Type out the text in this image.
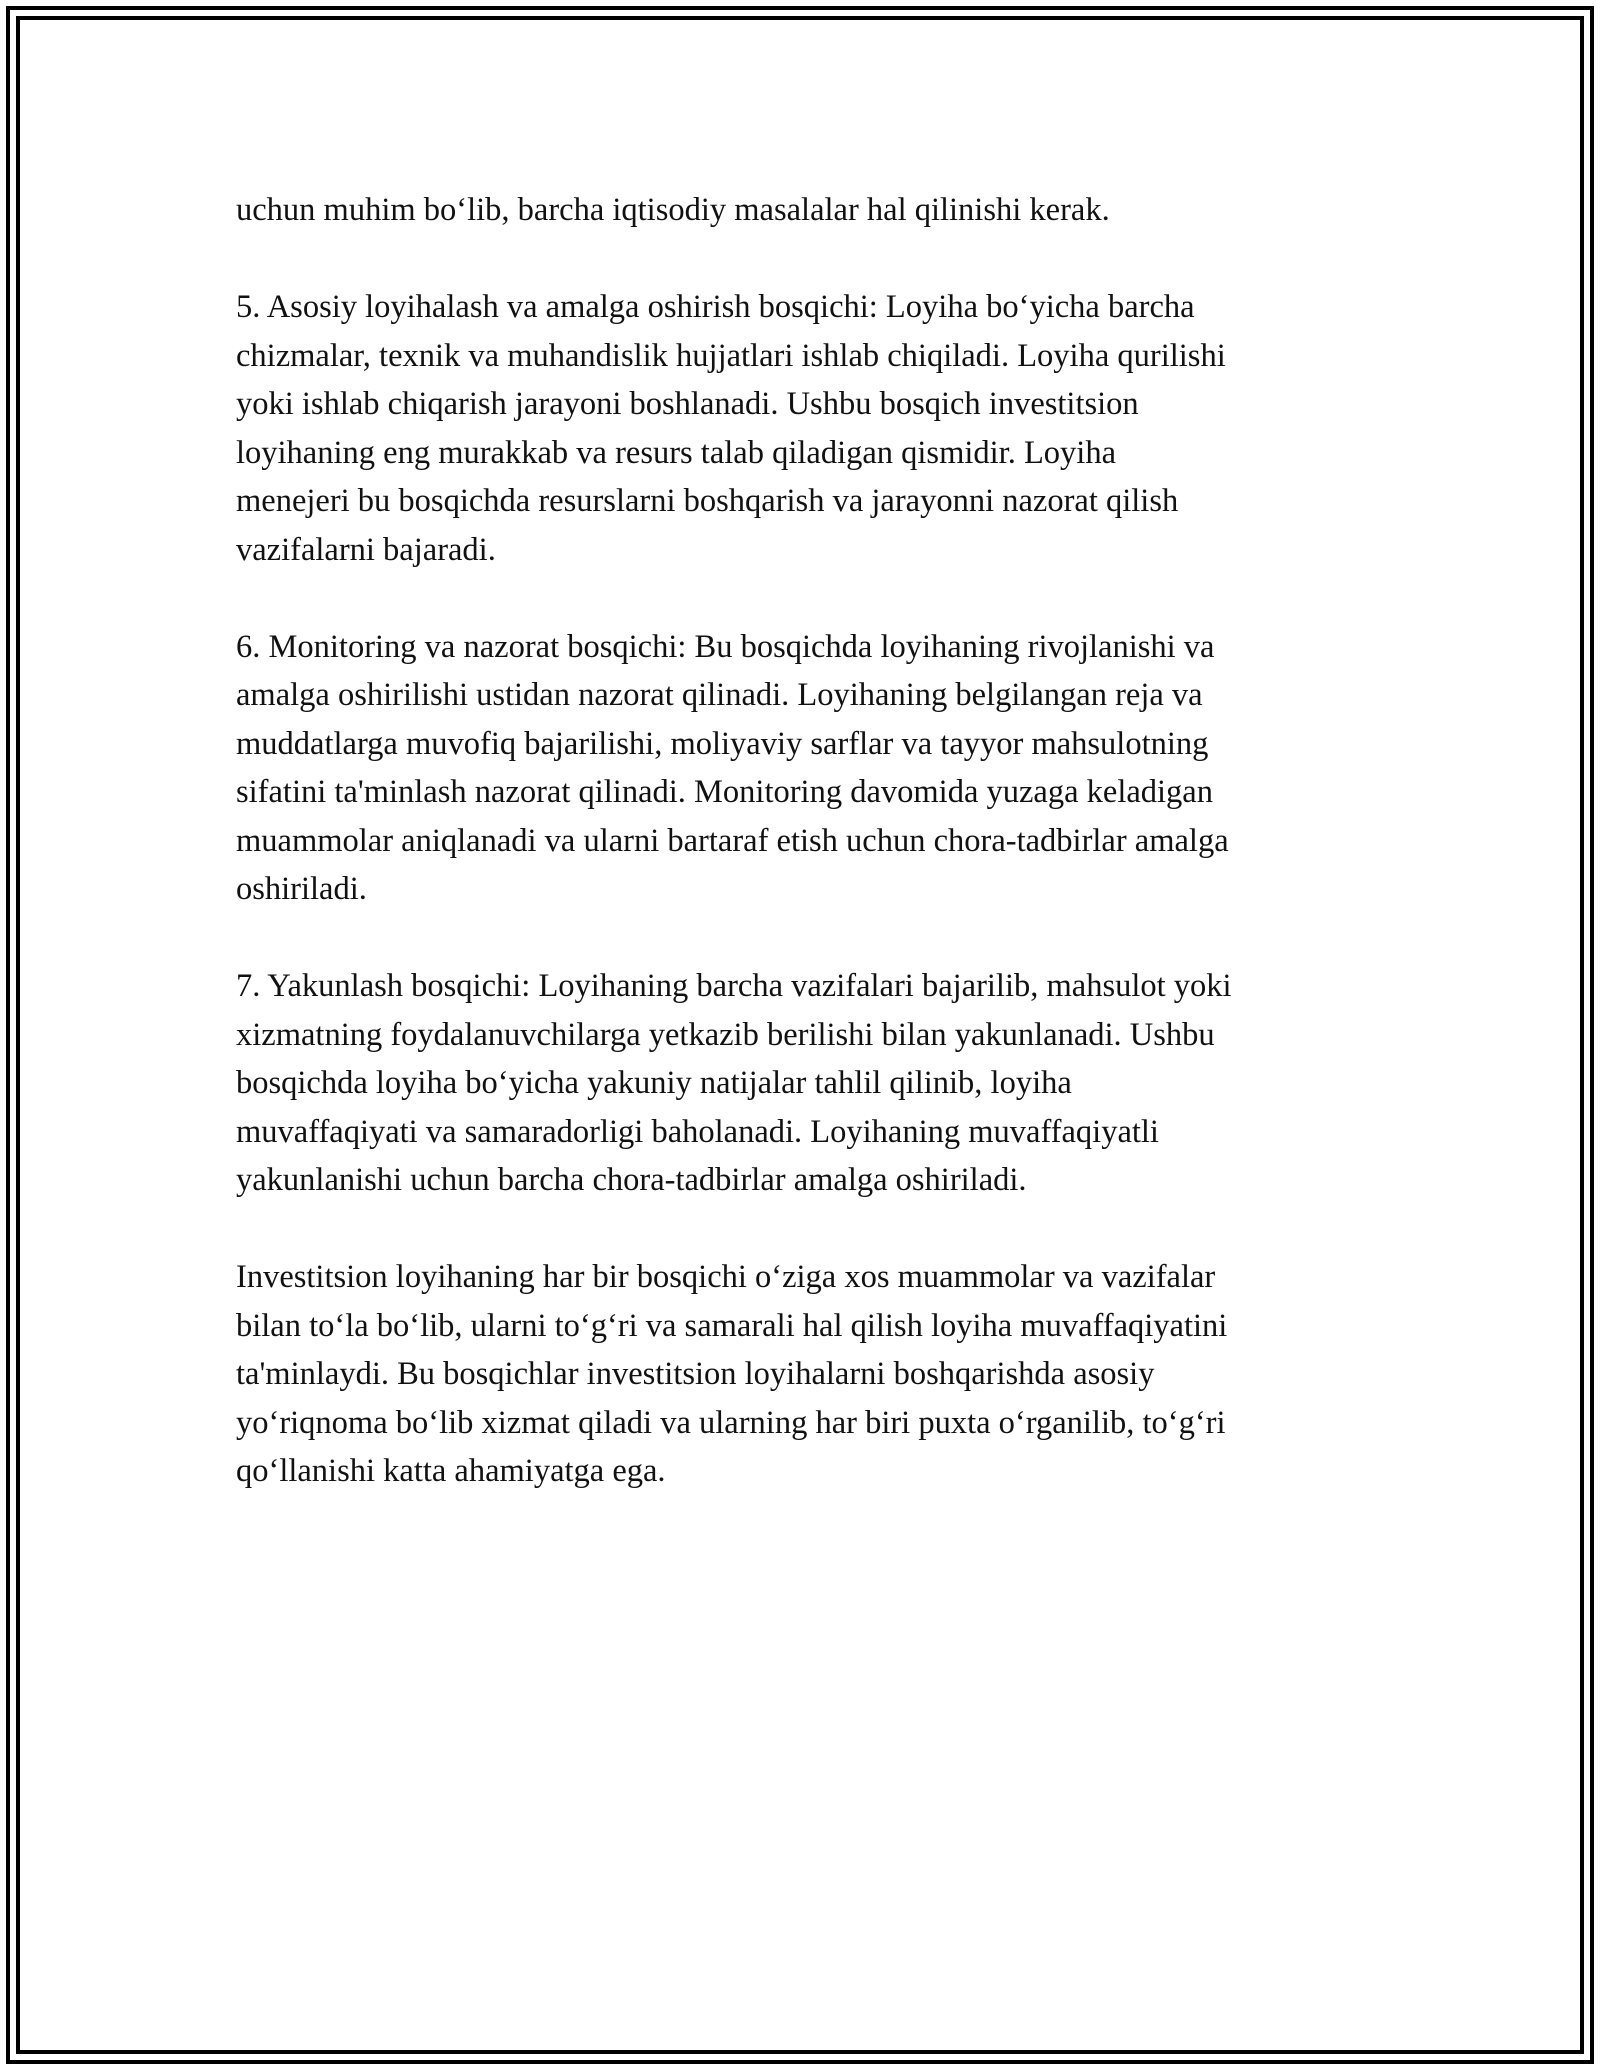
uchun muhim bo‘lib, barcha iqtisodiy masalalar hal qilinishi kerak.

5. Asosiy loyihalash va amalga oshirish bosqichi: Loyiha bo‘yicha barcha
chizmalar, texnik va muhandislik hujjatlari ishlab chiqiladi. Loyiha qurilishi
yoki ishlab chiqarish jarayoni boshlanadi. Ushbu bosqich investitsion
loyihaning eng murakkab va resurs talab qiladigan qismidir. Loyiha
menejeri bu bosqichda resurslarni boshqarish va jarayonni nazorat qilish
vazifalarni bajaradi.

6. Monitoring va nazorat bosqichi: Bu bosqichda loyihaning rivojlanishi va
amalga oshirilishi ustidan nazorat qilinadi. Loyihaning belgilangan reja va
muddatlarga muvofiq bajarilishi, moliyaviy sarflar va tayyor mahsulotning
sifatini ta'minlash nazorat qilinadi. Monitoring davomida yuzaga keladigan
muammolar aniqlanadi va ularni bartaraf etish uchun chora-tadbirlar amalga
oshiriladi.

7. Yakunlash bosqichi: Loyihaning barcha vazifalari bajarilib, mahsulot yoki
xizmatning foydalanuvchilarga yetkazib berilishi bilan yakunlanadi. Ushbu
bosqichda loyiha bo‘yicha yakuniy natijalar tahlil qilinib, loyiha
muvaffaqiyati va samaradorligi baholanadi. Loyihaning muvaffaqiyatli
yakunlanishi uchun barcha chora-tadbirlar amalga oshiriladi.

Investitsion loyihaning har bir bosqichi o‘ziga xos muammolar va vazifalar
bilan to‘la bo‘lib, ularni to‘g‘ri va samarali hal qilish loyiha muvaffaqiyatini
ta'minlaydi. Bu bosqichlar investitsion loyihalarni boshqarishda asosiy
yo‘riqnoma bo‘lib xizmat qiladi va ularning har biri puxta o‘rganilib, to‘g‘ri
qo‘llanishi katta ahamiyatga ega.
